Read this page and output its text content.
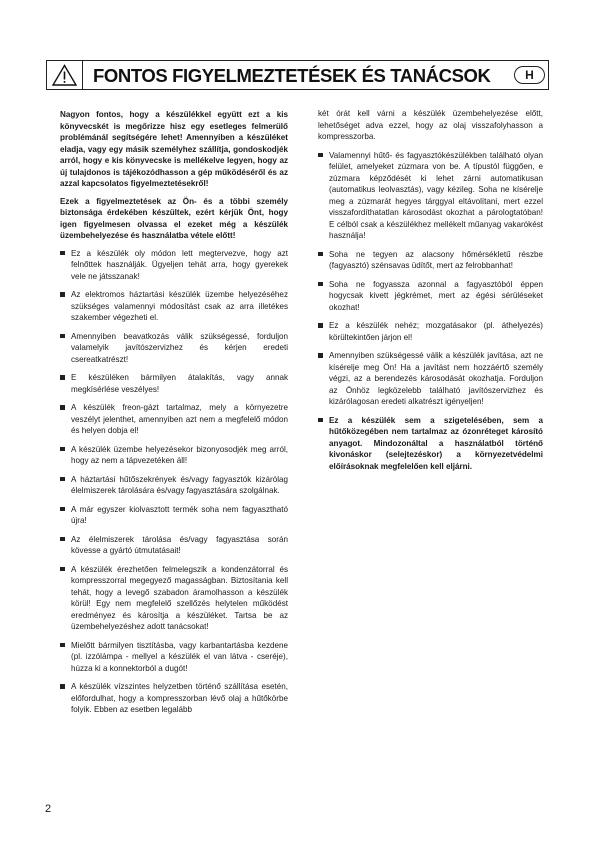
FONTOS FIGYELMEZTETÉSEK ÉS TANÁCSOK	H

Nagyon fontos, hogy a készülékkel együtt ezt a kis könyvecskét is megőrizze hisz egy esetleges felmerülő problémánál segítségére lehet! Amennyiben a készüléket eladja, vagy egy másik személyhez szállítja, gondoskodjék arról, hogy e kis könyvecske is mellékelve legyen, hogy az új tulajdonos is tájékozódhasson a gép működéséről és az azzal kapcsolatos figyelmeztetésekről!

Ezek a figyelmeztetések az Ön- és a többi személy biztonsága érdekében készültek, ezért kérjük Önt, hogy igen figyelmesen olvassa el ezeket még a készülék üzembehelyezése és használatba vétele előtt!

Ez a készülék oly módon lett megtervezve, hogy azt felnőttek használják. Ügyeljen tehát arra, hogy gyerekek vele ne játsszanak!
Az elektromos háztartási készülék üzembe helyezéséhez szükséges valamennyi módosítást csak az arra illetékes szakember végezheti el.
Amennyiben beavatkozás válik szükségessé, forduljon valamelyik javítószervizhez és kérjen eredeti csereatkatrészt!
E készüléken bármilyen átalakítás, vagy annak megkísérlése veszélyes!
A készülék freon-gázt tartalmaz, mely a környezetre veszélyt jelenthet, amennyiben azt nem a megfelelő módon és helyen dobja el!
A készülék üzembe helyezésekor bizonyosodjék meg arról, hogy az nem a tápvezetéken áll!
A háztartási hűtőszekrények és/vagy fagyasztók kizárólag élelmiszerek tárolására és/vagy fagyasztására szolgálnak.
A már egyszer kiolvasztott termék soha nem fagyasztható újra!
Az élelmiszerek tárolása és/vagy fagyasztása során kövesse a gyártó útmutatásait!
A készülék érezhetően felmelegszik a kondenzátorral és kompresszorral megegyező magasságban. Biztosítania kell tehát, hogy a levegő szabadon áramolhasson a készülék körül! Egy nem megfelelő szellőzés helytelen működést eredményez és károsítja a készüléket. Tartsa be az üzembehelyezéshez adott tanácsokat!
Mielőtt bármilyen tisztításba, vagy karbantartásba kezdene (pl. izzólámpa - mellyel a készülék el van látva - cseréje), húzza ki a konnektorból a dugót!
A készülék vízszintes helyzetben történő szállítása esetén, előfordulhat, hogy a kompresszorban lévő olaj a hűtőkörbe folyik. Ebben az esetben legalább

két órát kell várni a készülék üzembehelyezése előtt, lehetőséget adva ezzel, hogy az olaj visszafolyhasson a kompresszorba.

Valamennyi hűtő- és fagyasztókészülékben található olyan felület, amelyeket zúzmara von be. A típustól függően, e zúzmara képződését ki lehet zárni automatikusan (automatikus leolvasztás), vagy kézileg. Soha ne kísérelje meg a zúzmarát hegyes tárggyal eltávolítani, mert ezzel visszafordíthatatlan károsodást okozhat a párologtatóban! E célból csak a készülékhez mellékelt műanyag vakarókést használja!
Soha ne tegyen az alacsony hőmérsékletű részbe (fagyasztó) szénsavas üdítőt, mert az felrobbanhat!
Soha ne fogyassza azonnal a fagyasztóból éppen hogycsak kivett jégkrémet, mert az égési sérüléseket okozhat!
Ez a készülék nehéz; mozgatásakor (pl. áthelyezés) körültekintően járjon el!
Amennyiben szükségessé válik a készülék javítása, azt ne kísérelje meg Ön! Ha a javítást nem hozzáértő személy végzi, az a berendezés károsodását okozhatja. Forduljon az Önhöz legközelebb található javítószervizhez és kizárólagosan eredeti alkatrészt igényeljen!
Ez a készülék sem a szigetelésében, sem a hűtőközegében nem tartalmaz az ózonréteget károsító anyagot. Mindozonáltal a használatból történő kivonáskor (selejtezéskor) a környezetvédelmi előírásoknak megfelelően kell eljárni.
2
